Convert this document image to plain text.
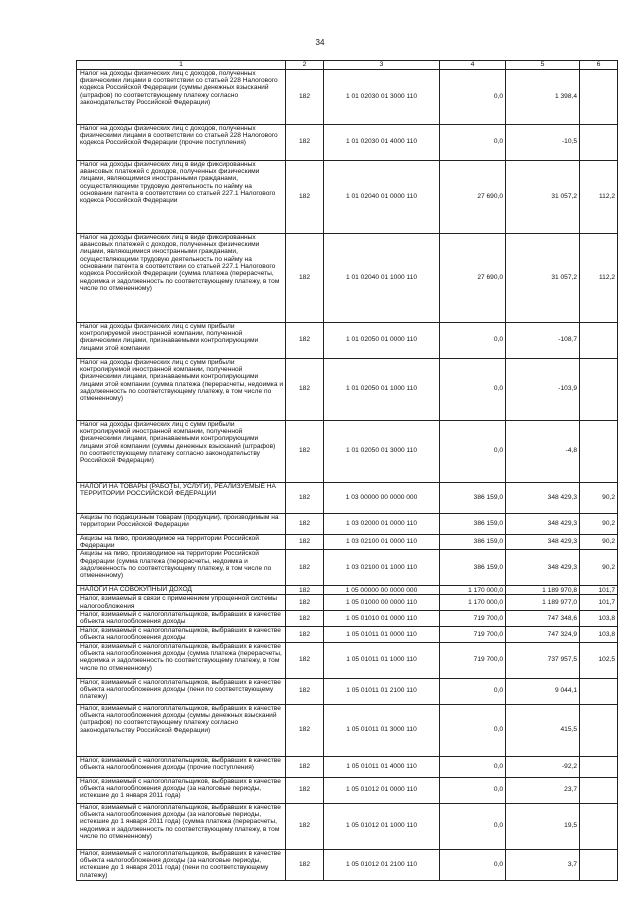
34
1	2	3	4	5	6
Налог на доходы физических лиц с доходов, полученных физическими лицами в соответствии со статьей 228 Налогового кодекса Российской Федерации (суммы денежных взысканий (штрафов) по соответствующему платежу согласно законодательству Российской Федерации)	182	1 01 02030 01 3000 110	0,0	1 398,4	
Налог на доходы физических лиц с доходов, полученных физическими лицами в соответствии со статьей 228 Налогового кодекса Российской Федерации (прочие поступления)	182	1 01 02030 01 4000 110	0,0	-10,5	
Налог на доходы физических лиц в виде фиксированных авансовых платежей с доходов, полученных физическими лицами, являющимися иностранными гражданами, осуществляющими трудовую деятельность по найму на основании патента в соответствии со статьей 227.1 Налогового кодекса Российской Федерации	182	1 01 02040 01 0000 110	27 690,0	31 057,2	112,2
Налог на доходы физических лиц в виде фиксированных авансовых платежей с доходов, полученных физическими лицами, являющимися иностранными гражданами, осуществляющими трудовую деятельность по найму на основании патента в соответствии со статьей 227.1 Налогового кодекса Российской Федерации (сумма платежа (перерасчеты, недоимка и задолженность по соответствующему платежу, в том числе по отмененному)	182	1 01 02040 01 1000 110	27 690,0	31 057,2	112,2
Налог на доходы физических лиц с сумм прибыли контролируемой иностранной компании, полученной физическими лицами, признаваемыми контролирующими лицами этой компании	182	1 01 02050 01 0000 110	0,0	-108,7	
Налог на доходы физических лиц с сумм прибыли контролируемой иностранной компании, полученной физическими лицами, признаваемыми контролирующими лицами этой компании (сумма платежа (перерасчеты, недоимка и задолженность по соответствующему платежу, в том числе по отмененному)	182	1 01 02050 01 1000 110	0,0	-103,9	
Налог на доходы физических лиц с сумм прибыли контролируемой иностранной компании, полученной физическими лицами, признаваемыми контролирующими лицами этой компании (суммы денежных взысканий (штрафов) по соответствующему платежу согласно законодательству Российской Федерации)	182	1 01 02050 01 3000 110	0,0	-4,8	
НАЛОГИ НА ТОВАРЫ (РАБОТЫ, УСЛУГИ), РЕАЛИЗУЕМЫЕ НА ТЕРРИТОРИИ РОССИЙСКОЙ ФЕДЕРАЦИИ	182	1 03 00000 00 0000 000	386 159,0	348 429,3	90,2
Акцизы по подакцизным товарам (продукции), производимым на территории Российской Федерации	182	1 03 02000 01 0000 110	386 159,0	348 429,3	90,2
Акцизы на пиво, производимое на территории Российской Федерации	182	1 03 02100 01 0000 110	386 159,0	348 429,3	90,2
Акцизы на пиво, производимое на территории Российской Федерации (сумма платежа (перерасчеты, недоимка и задолженность по соответствующему платежу, в том числе по отмененному)	182	1 03 02100 01 1000 110	386 159,0	348 429,3	90,2
НАЛОГИ НА СОВОКУПНЫЙ ДОХОД	182	1 05 00000 00 0000 000	1 170 000,0	1 189 970,8	101,7
Налог, взимаемый в связи с применением упрощенной системы налогообложения	182	1 05 01000 00 0000 110	1 170 000,0	1 189 977,0	101,7
Налог, взимаемый с налогоплательщиков, выбравших в качестве объекта налогообложения доходы	182	1 05 01010 01 0000 110	719 700,0	747 348,6	103,8
Налог, взимаемый с налогоплательщиков, выбравших в качестве объекта налогообложения доходы	182	1 05 01011 01 0000 110	719 700,0	747 324,9	103,8
Налог, взимаемый с налогоплательщиков, выбравших в качестве объекта налогообложения доходы (сумма платежа (перерасчеты, недоимка и задолженность по соответствующему платежу, в том числе по отмененному)	182	1 05 01011 01 1000 110	719 700,0	737 957,5	102,5
Налог, взимаемый с налогоплательщиков, выбравших в качестве объекта налогообложения доходы (пени по соответствующему платежу)	182	1 05 01011 01 2100 110	0,0	9 044,1	
Налог, взимаемый с налогоплательщиков, выбравших в качестве объекта налогообложения доходы (суммы денежных взысканий (штрафов) по соответствующему платежу согласно законодательству Российской Федерации)	182	1 05 01011 01 3000 110	0,0	415,5	
Налог, взимаемый с налогоплательщиков, выбравших в качестве объекта налогообложения доходы (прочие поступления)	182	1 05 01011 01 4000 110	0,0	-92,2	
Налог, взимаемый с налогоплательщиков, выбравших в качестве объекта налогообложения доходы (за налоговые периоды, истекшие до 1 января 2011 года)	182	1 05 01012 01 0000 110	0,0	23,7	
Налог, взимаемый с налогоплательщиков, выбравших в качестве объекта налогообложения доходы (за налоговые периоды, истекшие до 1 января 2011 года) (сумма платежа (перерасчеты, недоимка и задолженность по соответствующему платежу, в том числе по отмененному)	182	1 05 01012 01 1000 110	0,0	19,5	
Налог, взимаемый с налогоплательщиков, выбравших в качестве объекта налогообложения доходы (за налоговые периоды, истекшие до 1 января 2011 года) (пени по соответствующему платежу)	182	1 05 01012 01 2100 110	0,0	3,7	
